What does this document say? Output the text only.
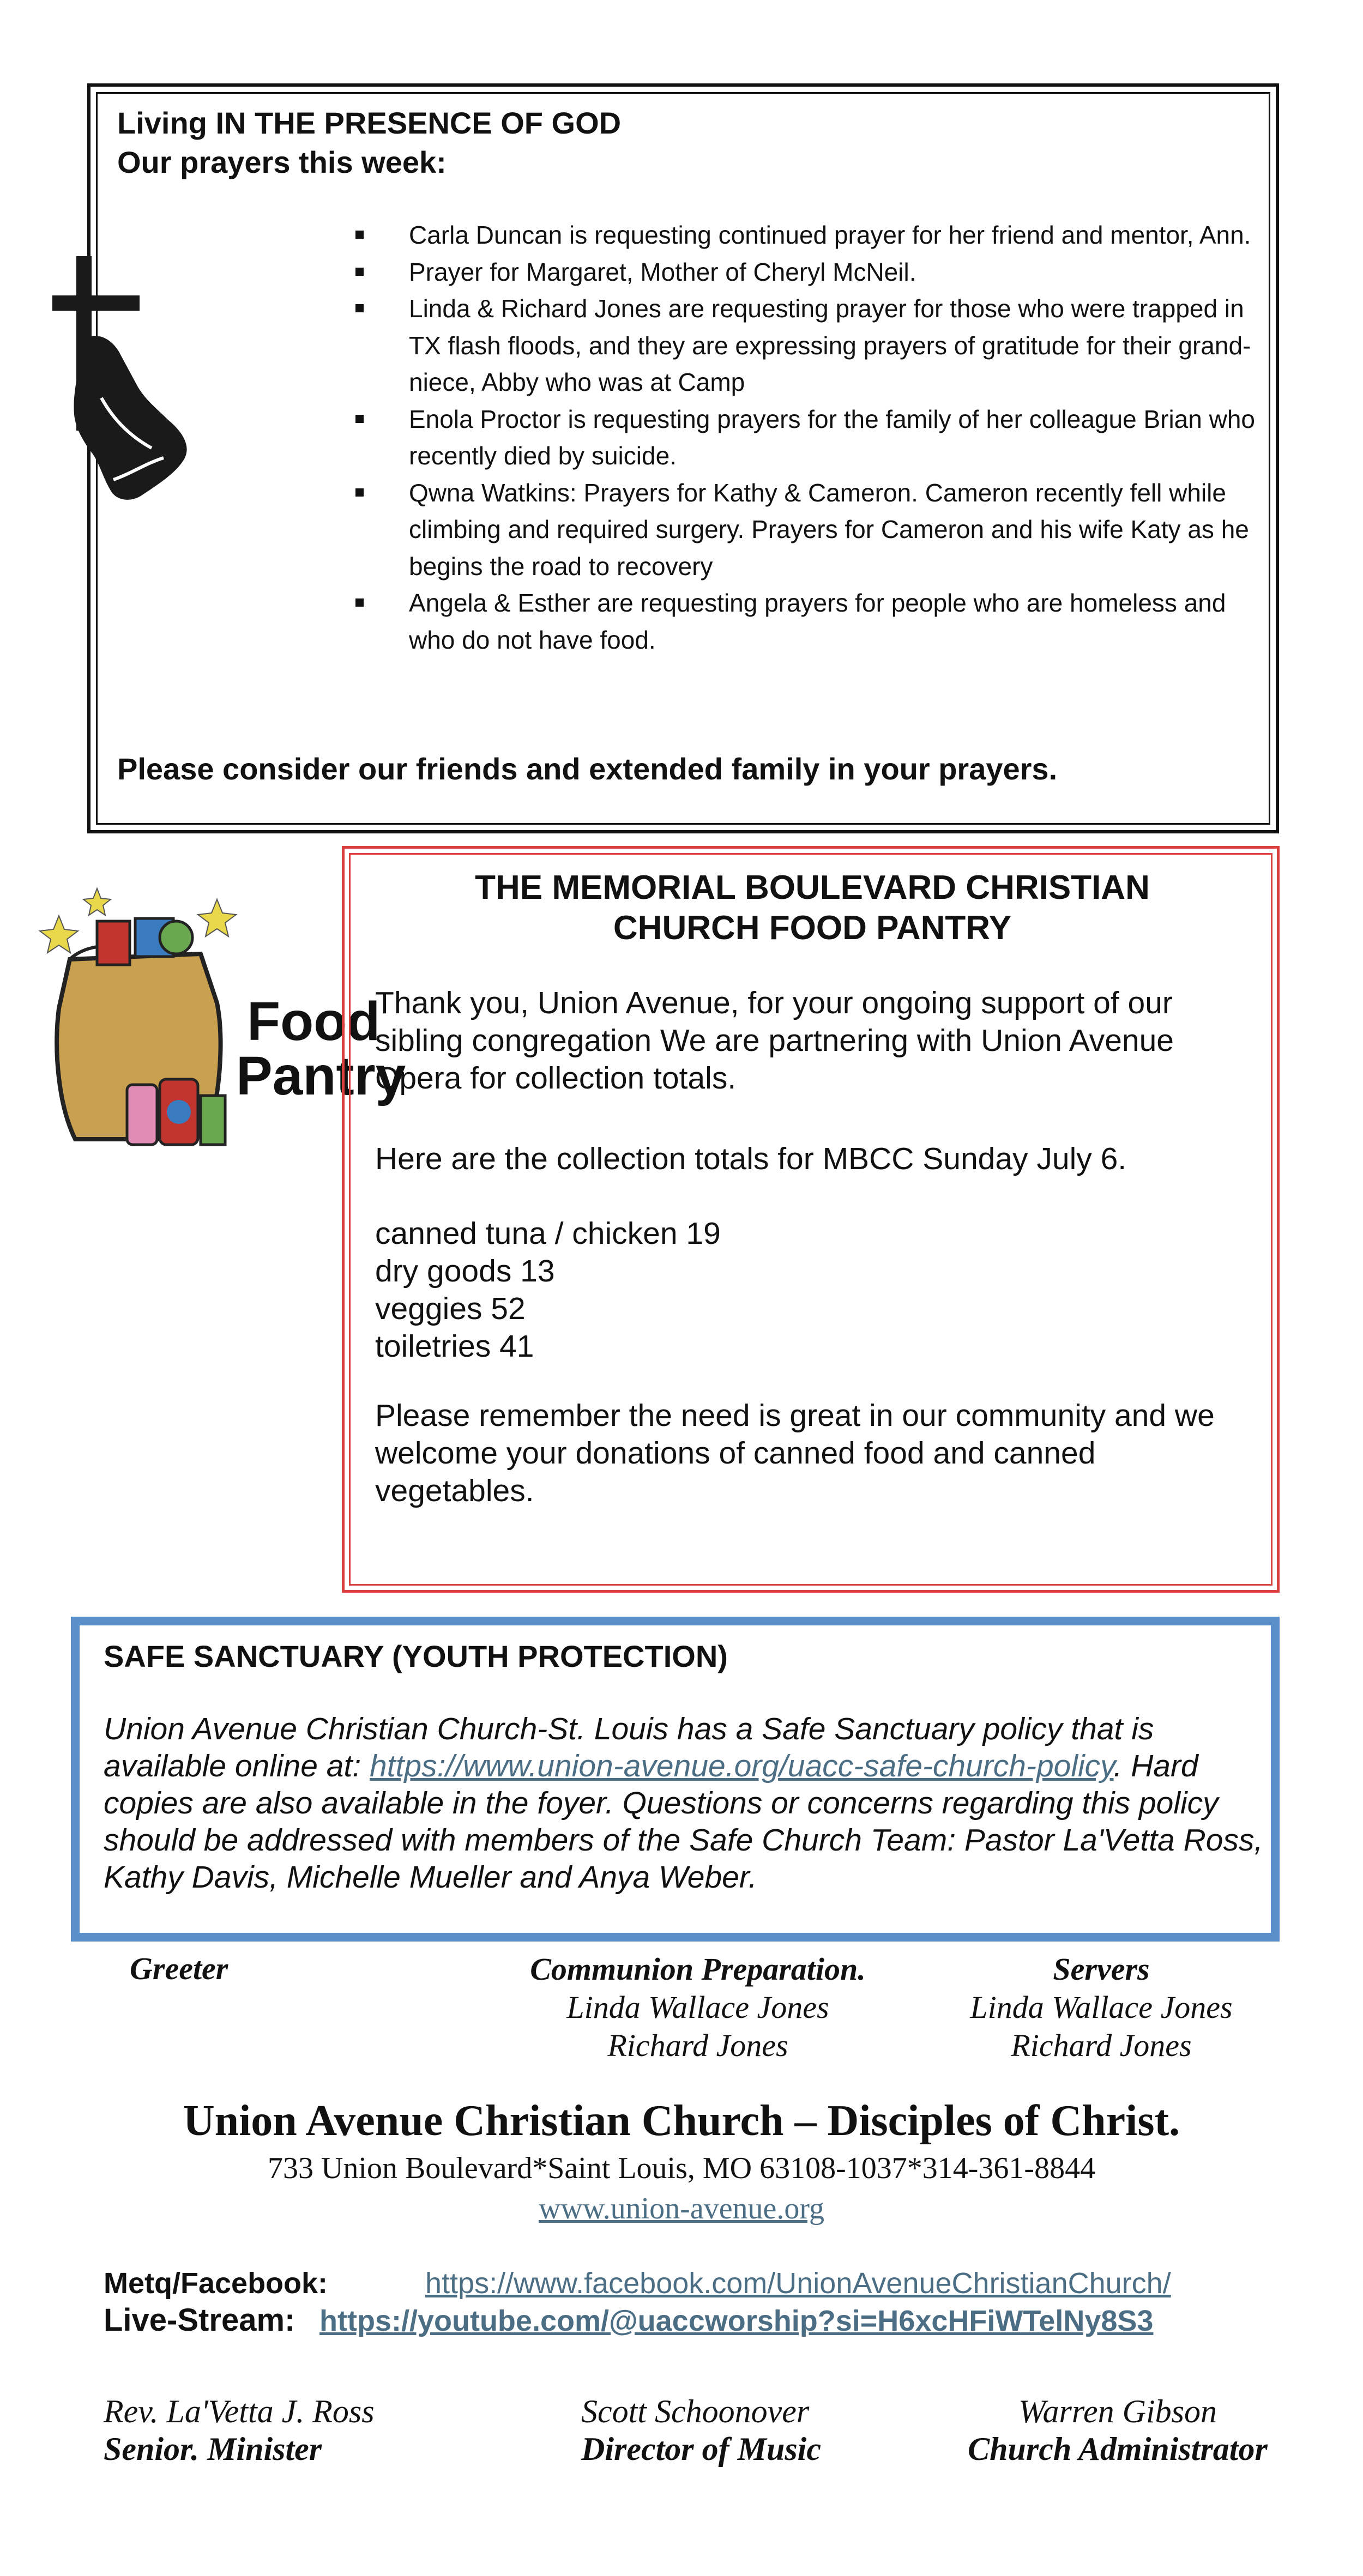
Living IN THE PRESENCE OF GOD
Our prayers this week:
Carla Duncan is requesting continued prayer for her friend and mentor, Ann.
Prayer for Margaret, Mother of Cheryl McNeil.
Linda & Richard Jones are requesting prayer for those who were trapped in TX flash floods, and they are expressing prayers of gratitude for their grand-niece, Abby who was at Camp
Enola Proctor is requesting prayers for the family of her colleague Brian who recently died by suicide.
Qwna Watkins: Prayers for Kathy & Cameron. Cameron recently fell while climbing and required surgery. Prayers for Cameron and his wife Katy as he begins the road to recovery
Angela & Esther are requesting prayers for people who are homeless and who do not have food.
Please consider our friends and extended family in your prayers.
Food
Pantry
THE MEMORIAL BOULEVARD CHRISTIAN
CHURCH FOOD PANTRY
Thank you, Union Avenue, for your ongoing support of our sibling congregation We are partnering with Union Avenue Opera for collection totals.
Here are the collection totals for MBCC Sunday July 6.
canned tuna / chicken 19
dry goods 13
veggies 52
toiletries 41
Please remember the need is great in our community and we welcome your donations of canned food and canned vegetables.
SAFE SANCTUARY (YOUTH PROTECTION)
Union Avenue Christian Church-St. Louis has a Safe Sanctuary policy that is available online at: https://www.union-avenue.org/uacc-safe-church-policy. Hard copies are also available in the foyer. Questions or concerns regarding this policy should be addressed with members of the Safe Church Team: Pastor La'Vetta Ross, Kathy Davis, Michelle Mueller and Anya Weber.
Greeter	Communion Preparation.
Linda Wallace Jones
Richard Jones
Servers
Linda Wallace Jones
Richard Jones
Union Avenue Christian Church – Disciples of Christ.
733 Union Boulevard*Saint Louis, MO 63108-1037*314-361-8844
www.union-avenue.org
Metq/Facebook:	https://www.facebook.com/UnionAvenueChristianChurch/
Live-Stream: https://youtube.com/@uaccworship?si=H6xcHFiWTelNy8S3
Rev. La'Vetta J. Ross
Senior. Minister
Scott Schoonover
Director of Music
Warren Gibson
Church Administrator
